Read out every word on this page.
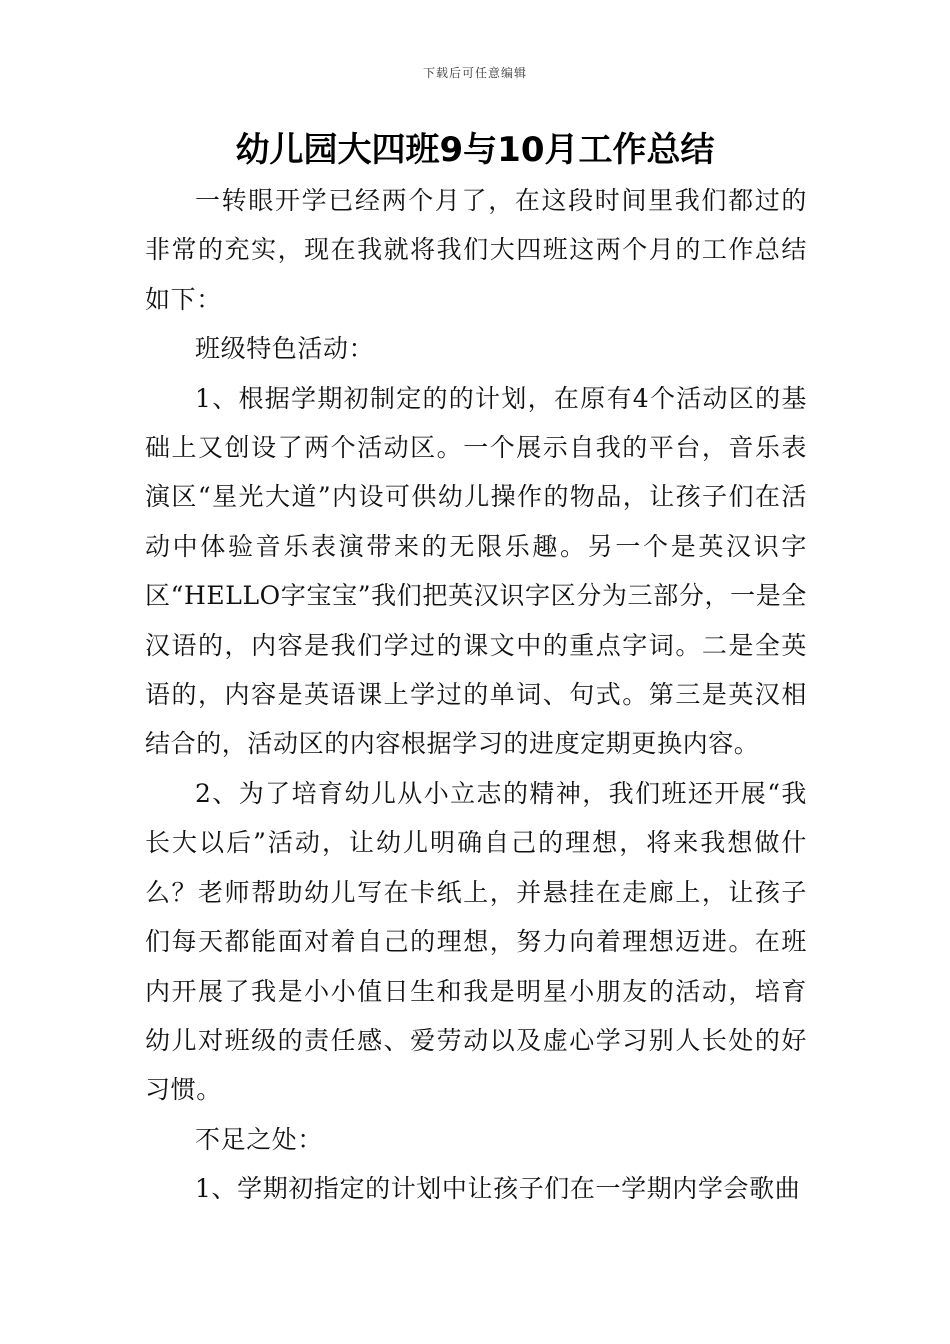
下载后可任意编辑
幼儿园大四班9与10月工作总结

一转眼开学已经两个月了，在这段时间里我们都过的非常的充实，现在我就将我们大四班这两个月的工作总结如下：

班级特色活动：

1、根据学期初制定的的计划，在原有4个活动区的基础上又创设了两个活动区。一个展示自我的平台，音乐表演区“星光大道”内设可供幼儿操作的物品，让孩子们在活动中体验音乐表演带来的无限乐趣。另一个是英汉识字区“HELLO字宝宝”我们把英汉识字区分为三部分，一是全汉语的，内容是我们学过的课文中的重点字词。二是全英语的，内容是英语课上学过的单词、句式。第三是英汉相结合的，活动区的内容根据学习的进度定期更换内容。

2、为了培育幼儿从小立志的精神，我们班还开展“我长大以后”活动，让幼儿明确自己的理想，将来我想做什么？老师帮助幼儿写在卡纸上，并悬挂在走廊上，让孩子们每天都能面对着自己的理想，努力向着理想迈进。在班内开展了我是小小值日生和我是明星小朋友的活动，培育幼儿对班级的责任感、爱劳动以及虚心学习别人长处的好习惯。

不足之处：

1、学期初指定的计划中让孩子们在一学期内学会歌曲
